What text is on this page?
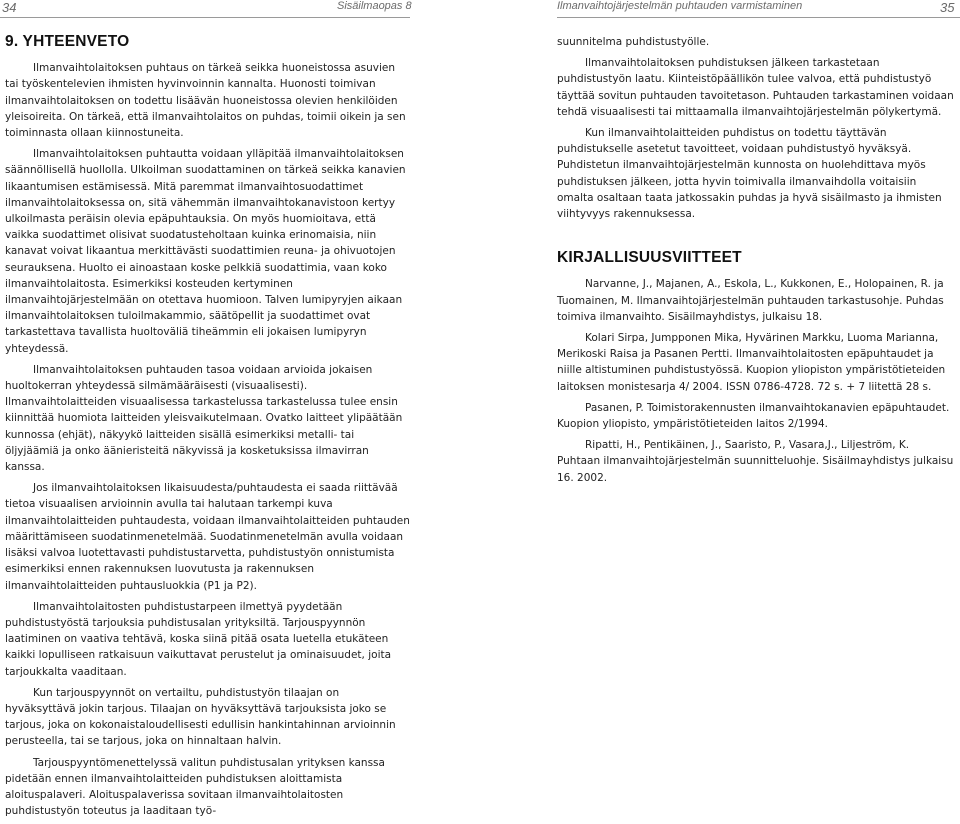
34	Sisäilmaopas 8	Ilmanvaihtojärjestelmän puhtauden varmistaminen	35
9. YHTEENVETO

Ilmanvaihtolaitoksen puhtaus on tärkeä seikka huoneistossa asuvien tai työskentelevien ihmisten hyvinvoinnin kannalta. Huonosti toimivan ilmanvaihtolaitoksen on todettu lisäävän huoneistossa olevien henkilöiden yleisoireita. On tärkeä, että ilmanvaihtolaitos on puhdas, toimii oikein ja sen toiminnasta ollaan kiinnostuneita.

Ilmanvaihtolaitoksen puhtautta voidaan ylläpitää ilmanvaihtolaitoksen säännöllisellä huollolla. Ulkoilman suodattaminen on tärkeä seikka kanavien likaantumisen estämisessä. Mitä paremmat ilmanvaihtosuodattimet ilmanvaihtolaitoksessa on, sitä vähemmän ilmanvaihtokanavistoon kertyy ulkoilmasta peräisin olevia epäpuhtauksia. On myös huomioitava, että vaikka suodattimet olisivat suodatusteholtaan kuinka erinomaisia, niin kanavat voivat likaantua merkittävästi suodattimien reuna- ja ohivuotojen seurauksena. Huolto ei ainoastaan koske pelkkiä suodattimia, vaan koko ilmanvaihtolaitosta. Esimerkiksi kosteuden kertyminen ilmanvaihtojärjestelmään on otettava huomioon. Talven lumipyryjen aikaan ilmanvaihtolaitoksen tuloilmakammio, säätöpellit ja suodattimet ovat tarkastettava tavallista huoltoväliä tiheämmin eli jokaisen lumipyryn yhteydessä.

Ilmanvaihtolaitoksen puhtauden tasoa voidaan arvioida jokaisen huoltokerran yhteydessä silmämääräisesti (visuaalisesti). Ilmanvaihtolaitteiden visuaalisessa tarkastelussa tarkastelussa tulee ensin kiinnittää huomiota laitteiden yleisvaikutelmaan. Ovatko laitteet ylipäätään kunnossa (ehjät), näkyykö laitteiden sisällä esimerkiksi metalli- tai öljyjäämiä ja onko äänieristeitä näkyvissä ja kosketuksissa ilmavirran kanssa.

Jos ilmanvaihtolaitoksen likaisuudesta/puhtaudesta ei saada riittävää tietoa visuaalisen arvioinnin avulla tai halutaan tarkempi kuva ilmanvaihtolaitteiden puhtaudesta, voidaan ilmanvaihtolaitteiden puhtauden määrittämiseen suodatinmenetelmää. Suodatinmenetelmän avulla voidaan lisäksi valvoa luotettavasti puhdistustarvetta, puhdistustyön onnistumista esimerkiksi ennen rakennuksen luovutusta ja rakennuksen ilmanvaihtolaitteiden puhtausluokkia (P1 ja P2).

Ilmanvaihtolaitosten puhdistustarpeen ilmettyä pyydetään puhdistustyöstä tarjouksia puhdistusalan yrityksiltä. Tarjouspyynnön laatiminen on vaativa tehtävä, koska siinä pitää osata luetella etukäteen kaikki lopulliseen ratkaisuun vaikuttavat perustelut ja ominaisuudet, joita tarjoukkalta vaaditaan.

Kun tarjouspyynnöt on vertailtu, puhdistustyön tilaajan on hyväksyttävä jokin tarjous. Tilaajan on hyväksyttävä tarjouksista joko se tarjous, joka on kokonaistaloudellisesti edullisin hankintahinnan arvioinnin perusteella, tai se tarjous, joka on hinnaltaan halvin.

Tarjouspyyntömenettelyssä valitun puhdistusalan yrityksen kanssa pidetään ennen ilmanvaihtolaitteiden puhdistuksen aloittamista aloituspalaveri. Aloituspalaverissa sovitaan ilmanvaihtolaitosten puhdistustyön toteutus ja laaditaan työ-

suunnitelma puhdistustyölle.

Ilmanvaihtolaitoksen puhdistuksen jälkeen tarkastetaan puhdistustyön laatu. Kiinteistöpäällikön tulee valvoa, että puhdistustyö täyttää sovitun puhtauden tavoitetason. Puhtauden tarkastaminen voidaan tehdä visuaalisesti tai mittaamalla ilmanvaihtojärjestelmän pölykertymä.

Kun ilmanvaihtolaitteiden puhdistus on todettu täyttävän puhdistukselle asetetut tavoitteet, voidaan puhdistustyö hyväksyä. Puhdistetun ilmanvaihtojärjestelmän kunnosta on huolehdittava myös puhdistuksen jälkeen, jotta hyvin toimivalla ilmanvaihdolla voitaisiin omalta osaltaan taata jatkossakin puhdas ja hyvä sisäilmasto ja ihmisten viihtyvyys rakennuksessa.

KIRJALLISUUSVIITTEET

Narvanne, J., Majanen, A., Eskola, L., Kukkonen, E., Holopainen, R. ja Tuomainen, M. Ilmanvaihtojärjestelmän puhtauden tarkastusohje. Puhdas toimiva ilmanvaihto. Sisäilmayhdistys, julkaisu 18.

Kolari Sirpa, Jumpponen Mika, Hyvärinen Markku, Luoma Marianna, Merikoski Raisa ja Pasanen Pertti. Ilmanvaihtolaitosten epäpuhtaudet ja niille altistuminen puhdistustyössä. Kuopion yliopiston ympäristötieteiden laitoksen monistesarja 4/ 2004. ISSN 0786-4728. 72 s. + 7 liitettä 28 s.

Pasanen, P. Toimistorakennusten ilmanvaihtokanavien epäpuhtaudet. Kuopion yliopisto, ympäristötieteiden laitos 2/1994.

Ripatti, H., Pentikäinen, J., Saaristo, P., Vasara,J., Liljeström, K. Puhtaan ilmanvaihtojärjestelmän suunnitteluohje. Sisäilmayhdistys julkaisu 16. 2002.
